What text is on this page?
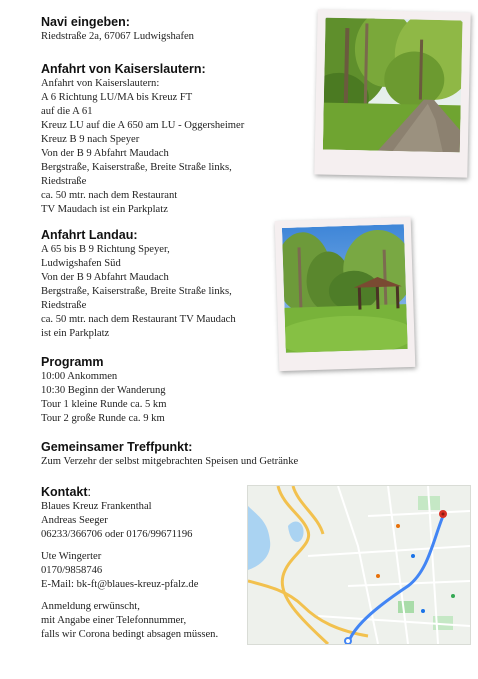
Navi eingeben:
Riedstraße 2a, 67067 Ludwigshafen
Anfahrt von Kaiserslautern:
Anfahrt von Kaiserslautern:
A 6 Richtung LU/MA bis Kreuz FT
auf die A 61
Kreuz LU auf die A 650 am LU - Oggersheimer
Kreuz B 9 nach Speyer
Von der B 9 Abfahrt Maudach
Bergstraße, Kaiserstraße, Breite Straße links,
Riedstraße
ca. 50 mtr. nach dem Restaurant
TV Maudach ist ein Parkplatz
Anfahrt Landau:
A 65 bis B 9 Richtung Speyer,
Ludwigshafen Süd
Von der B 9 Abfahrt Maudach
Bergstraße, Kaiserstraße, Breite Straße links,
Riedstraße
ca. 50 mtr. nach dem Restaurant TV Maudach
ist ein Parkplatz
Programm
10:00 Ankommen
10:30 Beginn der Wanderung
Tour 1 kleine Runde ca. 5 km
Tour 2 große Runde ca. 9 km
Gemeinsamer Treffpunkt:
Zum Verzehr der selbst mitgebrachten Speisen und Getränke
Kontakt:
Blaues Kreuz Frankenthal
Andreas Seeger
06233/366706 oder 0176/99671196
Ute Wingerter
0170/9858746
E-Mail: bk-ft@blaues-kreuz-pfalz.de
Anmeldung erwünscht,
mit Angabe einer Telefonnummer,
falls wir Corona bedingt absagen müssen.
